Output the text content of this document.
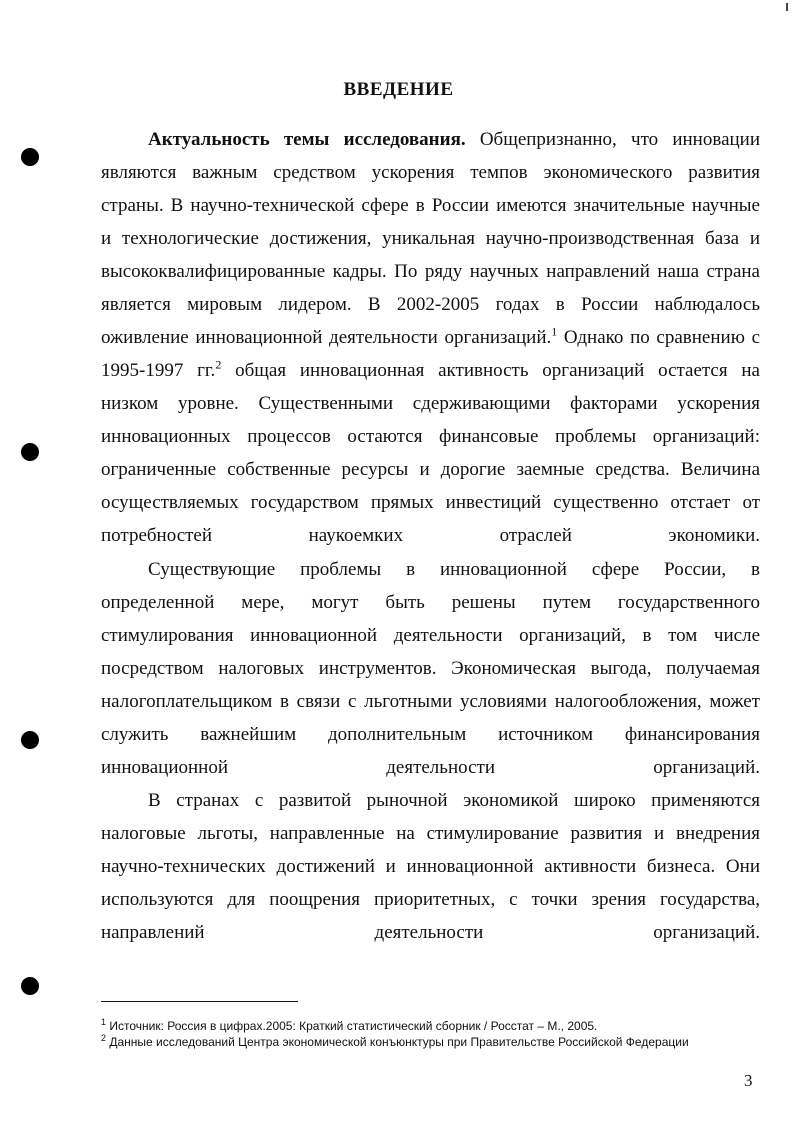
ВВЕДЕНИЕ
Актуальность темы исследования. Общепризнанно, что инновации
являются важным средством ускорения темпов экономического развития
страны. В научно-технической сфере в России имеются значительные научные
и технологические достижения, уникальная научно-производственная база и
высококвалифицированные кадры. По ряду научных направлений наша страна
является мировым лидером. В 2002-2005 годах в России наблюдалось
оживление инновационной деятельности организаций.$^1$ Однако по сравнению с
1995-1997 гг.$^2$ общая инновационная активность организаций остается на
низком уровне. Существенными сдерживающими факторами ускорения
инновационных процессов остаются финансовые проблемы организаций:
ограниченные собственные ресурсы и дорогие заемные средства. Величина
осуществляемых государством прямых инвестиций существенно отстает от
потребностей наукоемких отраслей экономики.
Существующие проблемы в инновационной сфере России, в
определенной мере, могут быть решены путем государственного
стимулирования инновационной деятельности организаций, в том числе
посредством налоговых инструментов. Экономическая выгода, получаемая
налогоплательщиком в связи с льготными условиями налогообложения, может
служить важнейшим дополнительным источником финансирования
инновационной деятельности организаций.
В странах с развитой рыночной экономикой широко применяются
налоговые льготы, направленные на стимулирование развития и внедрения
научно-технических достижений и инновационной активности бизнеса. Они
используются для поощрения приоритетных, с точки зрения государства,
направлений деятельности организаций.
$^1$ Источник: Россия в цифрах.2005: Краткий статистический сборник / Росстат – М., 2005.
$^2$ Данные исследований Центра экономической конъюнктуры при Правительстве Российской Федерации
3
